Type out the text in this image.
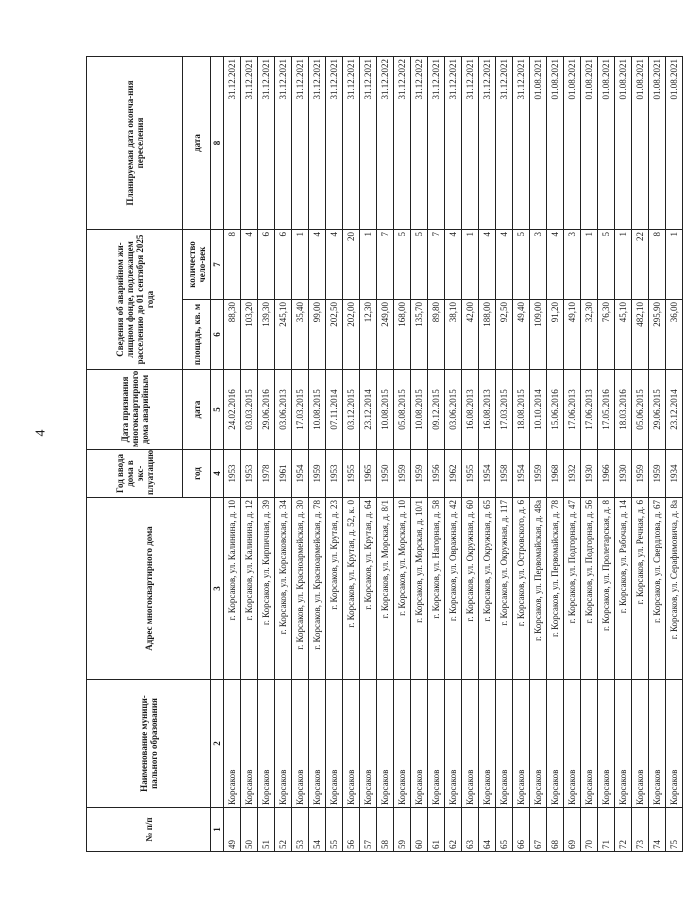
4
№ п/п	Наименование муници-пального образования	Адрес многоквартирного дома	Год ввода дома в экс-плуатацию	Дата признания многоквартирного дома аварийным	Сведения об аварийном жи-лищном фонде, подлежащем расселению до 01 сентября 2025 года		Планируемая дата оконча-ния переселения
			год	дата	площадь, кв. м	количество чело-век	дата
1	2	3	4	5	6	7	8
49	Корсаков	г. Корсаков, ул. Калинина, д. 10	1953	24.02.2016	88,30	8	31.12.2021
50	Корсаков	г. Корсаков, ул. Калинина, д. 12	1953	03.03.2015	103,20	4	31.12.2021
51	Корсаков	г. Корсаков, ул. Кирпичная, д. 39	1978	29.06.2016	139,30	6	31.12.2021
52	Корсаков	г. Корсаков, ул. Корсаковская, д. 34	1961	03.06.2013	245,10	6	31.12.2021
53	Корсаков	г. Корсаков, ул. Красноармейская, д. 30	1954	17.03.2015	35,40	1	31.12.2021
54	Корсаков	г. Корсаков, ул. Красноармейская, д. 78	1959	10.08.2015	99,00	4	31.12.2021
55	Корсаков	г. Корсаков, ул. Крутая, д. 23	1953	07.11.2014	202,50	4	31.12.2021
56	Корсаков	г. Корсаков, ул. Крутая, д. 52, к. 0	1955	03.12.2015	202,00	20	31.12.2021
57	Корсаков	г. Корсаков, ул. Крутая, д. 64	1965	23.12.2014	12,30	1	31.12.2021
58	Корсаков	г. Корсаков, ул. Морская, д. 8/1	1950	10.08.2015	249,00	7	31.12.2022
59	Корсаков	г. Корсаков, ул. Морская, д. 10	1959	05.08.2015	168,00	5	31.12.2022
60	Корсаков	г. Корсаков, ул. Морская, д. 10/1	1959	10.08.2015	135,70	5	31.12.2022
61	Корсаков	г. Корсаков, ул. Нагорная, д. 58	1956	09.12.2015	89,80	7	31.12.2021
62	Корсаков	г. Корсаков, ул. Овражная, д. 42	1962	03.06.2015	38,10	4	31.12.2021
63	Корсаков	г. Корсаков, ул. Окружная, д. 60	1955	16.08.2013	42,00	1	31.12.2021
64	Корсаков	г. Корсаков, ул. Окружная, д. 65	1954	16.08.2013	188,00	4	31.12.2021
65	Корсаков	г. Корсаков, ул. Окружная, д. 117	1958	17.03.2015	92,50	4	31.12.2021
66	Корсаков	г. Корсаков, ул. Островского, д. 6	1954	18.08.2015	49,40	5	31.12.2021
67	Корсаков	г. Корсаков, ул. Первомайская, д. 48а	1959	10.10.2014	109,00	3	01.08.2021
68	Корсаков	г. Корсаков, ул. Первомайская, д. 78	1968	15.06.2016	91,20	4	01.08.2021
69	Корсаков	г. Корсаков, ул. Подгорная, д. 47	1932	17.06.2013	49,10	3	01.08.2021
70	Корсаков	г. Корсаков, ул. Подгорная, д. 56	1930	17.06.2013	32,30	1	01.08.2021
71	Корсаков	г. Корсаков, ул. Пролетарская, д. 8	1966	17.05.2016	76,30	5	01.08.2021
72	Корсаков	г. Корсаков, ул. Рабочая, д. 14	1930	18.03.2016	45,10	1	01.08.2021
73	Корсаков	г. Корсаков, ул. Речная, д. 6	1959	05.06.2015	482,10	22	01.08.2021
74	Корсаков	г. Корсаков, ул. Свердлова, д. 67	1959	29.06.2015	295,90	8	01.08.2021
75	Корсаков	г. Корсаков, ул. Серафимовича, д. 8а	1934	23.12.2014	36,00	1	01.08.2021
